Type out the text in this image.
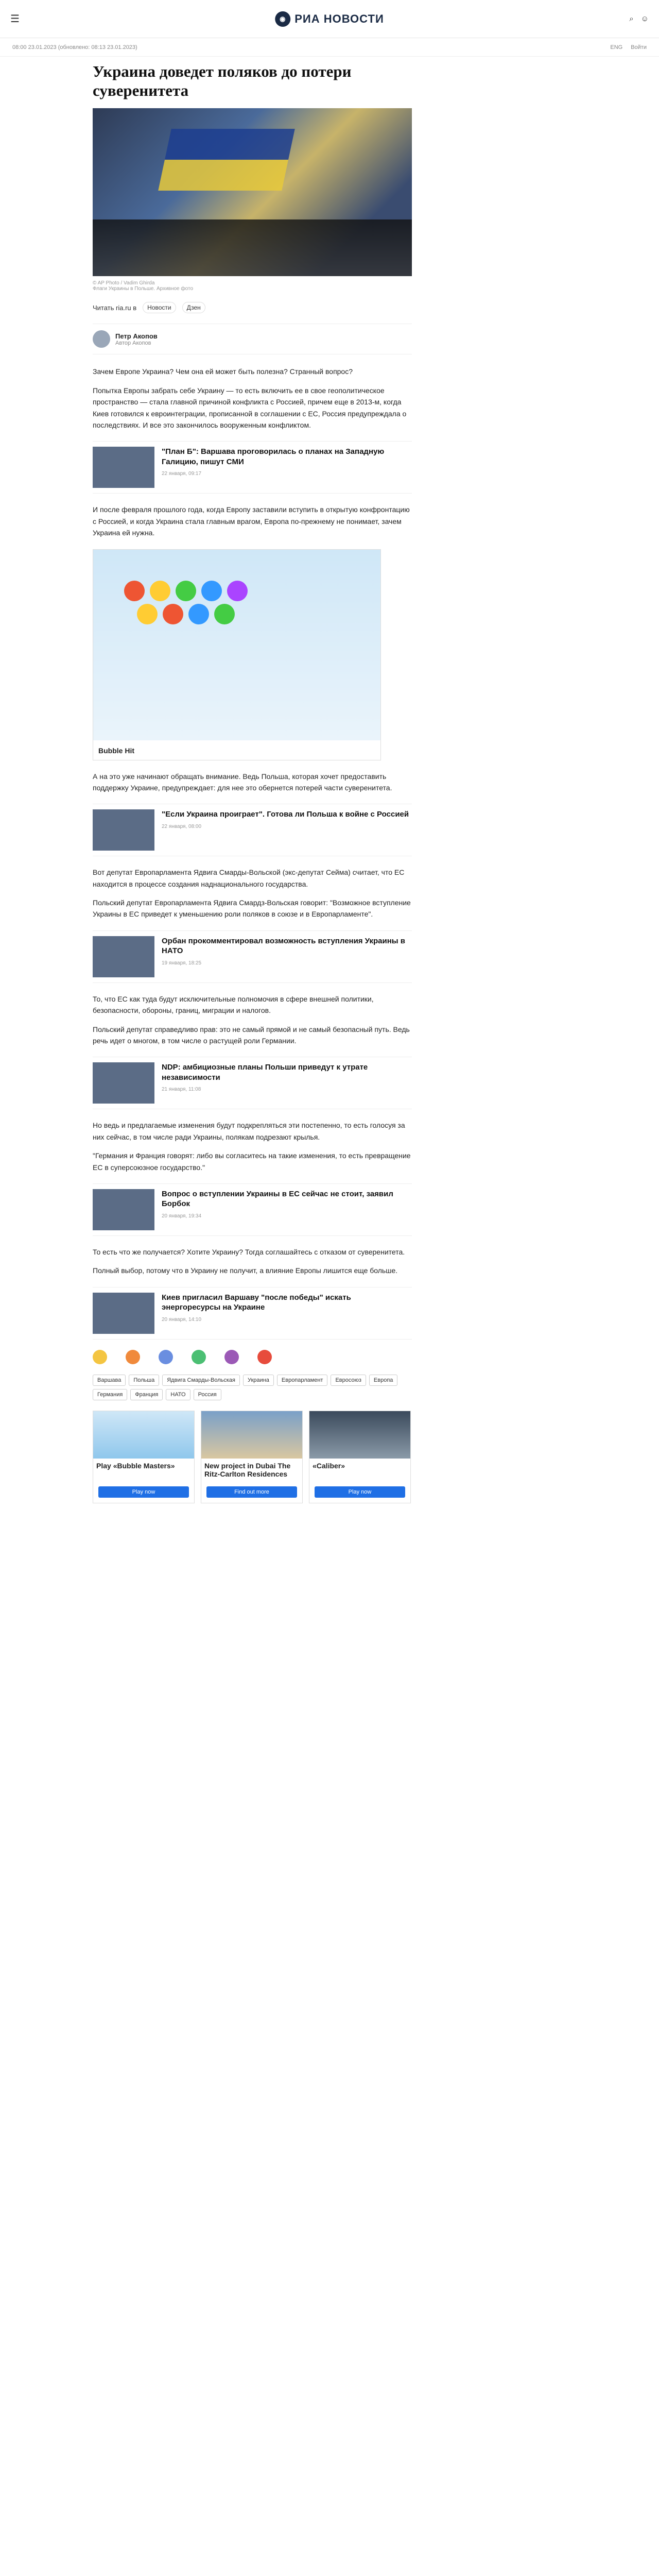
☰	◉ РИА НОВОСТИ	⌕ ☺
08:00 23.01.2023
(обновлено: 08:13 23.01.2023)	ENG Войти
Украина доведет поляков до потери суверенитета
© AP Photo / Vadim Ghirda
Флаги Украины в Польше. Архивное фото
Читать ria.ru в	Новости	Дзен
Петр Акопов
Автор Акопов

Зачем Европе Украина? Чем она ей может быть полезна? Странный вопрос?

Попытка Европы забрать себе Украину — то есть включить ее в свое геополитическое пространство — стала главной причиной конфликта с Россией, причем еще в 2013-м, когда Киев готовился к евроинтеграции, прописанной в соглашении с ЕС, Россия предупреждала о последствиях. И все это закончилось вооруженным конфликтом.

"План Б": Варшава проговорилась о планах на Западную Галицию, пишут СМИ
22 января, 09:17

И после февраля прошлого года, когда Европу заставили вступить в открытую конфронтацию с Россией, и когда Украина стала главным врагом, Европа по-прежнему не понимает, зачем Украина ей нужна.

Bubble Hit

А на это уже начинают обращать внимание. Ведь Польша, которая хочет предоставить поддержку Украине, предупреждает: для нее это обернется потерей части суверенитета.

"Если Украина проиграет". Готова ли Польша к войне с Россией
22 января, 08:00

Вот депутат Европарламента Ядвига Смарды-Вольской (экс-депутат Сейма) считает, что ЕС находится в процессе создания наднационального государства.

Польский депутат Европарламента Ядвига Смардз-Вольская говорит: "Возможное вступление Украины в ЕС приведет к уменьшению роли поляков в союзе и в Европарламенте".

Орбан прокомментировал возможность вступления Украины в НАТО
19 января, 18:25

То, что ЕС как туда будут исключительные полномочия в сфере внешней политики, безопасности, обороны, границ, миграции и налогов.

Польский депутат справедливо прав: это не самый прямой и не самый безопасный путь. Ведь речь идет о многом, в том числе о растущей роли Германии.

NDP: амбициозные планы Польши приведут к утрате независимости
21 января, 11:08

Но ведь и предлагаемые изменения будут подкрепляться эти постепенно, то есть голосуя за них сейчас, в том числе ради Украины, полякам подрезают крылья.

"Германия и Франция говорят: либо вы согласитесь на такие изменения, то есть превращение ЕС в суперсоюзное государство."

Вопрос о вступлении Украины в ЕС сейчас не стоит, заявил Борбок
20 января, 19:34

То есть что же получается? Хотите Украину? Тогда соглашайтесь с отказом от суверенитета.

Полный выбор, потому что в Украину не получит, а влияние Европы лишится еще больше.

Киев пригласил Варшаву "после победы" искать энергоресурсы на Украине
20 января, 14:10
Варшава	Польша	Ядвига Смарды-Вольская	Украина	Европарламент	Евросоюз	Европа
Германия	Франция	НАТО	Россия
Play «Bubble Masters»
Play now
New project in Dubai The Ritz-Carlton Residences
Find out more
«Caliber»
Play now
